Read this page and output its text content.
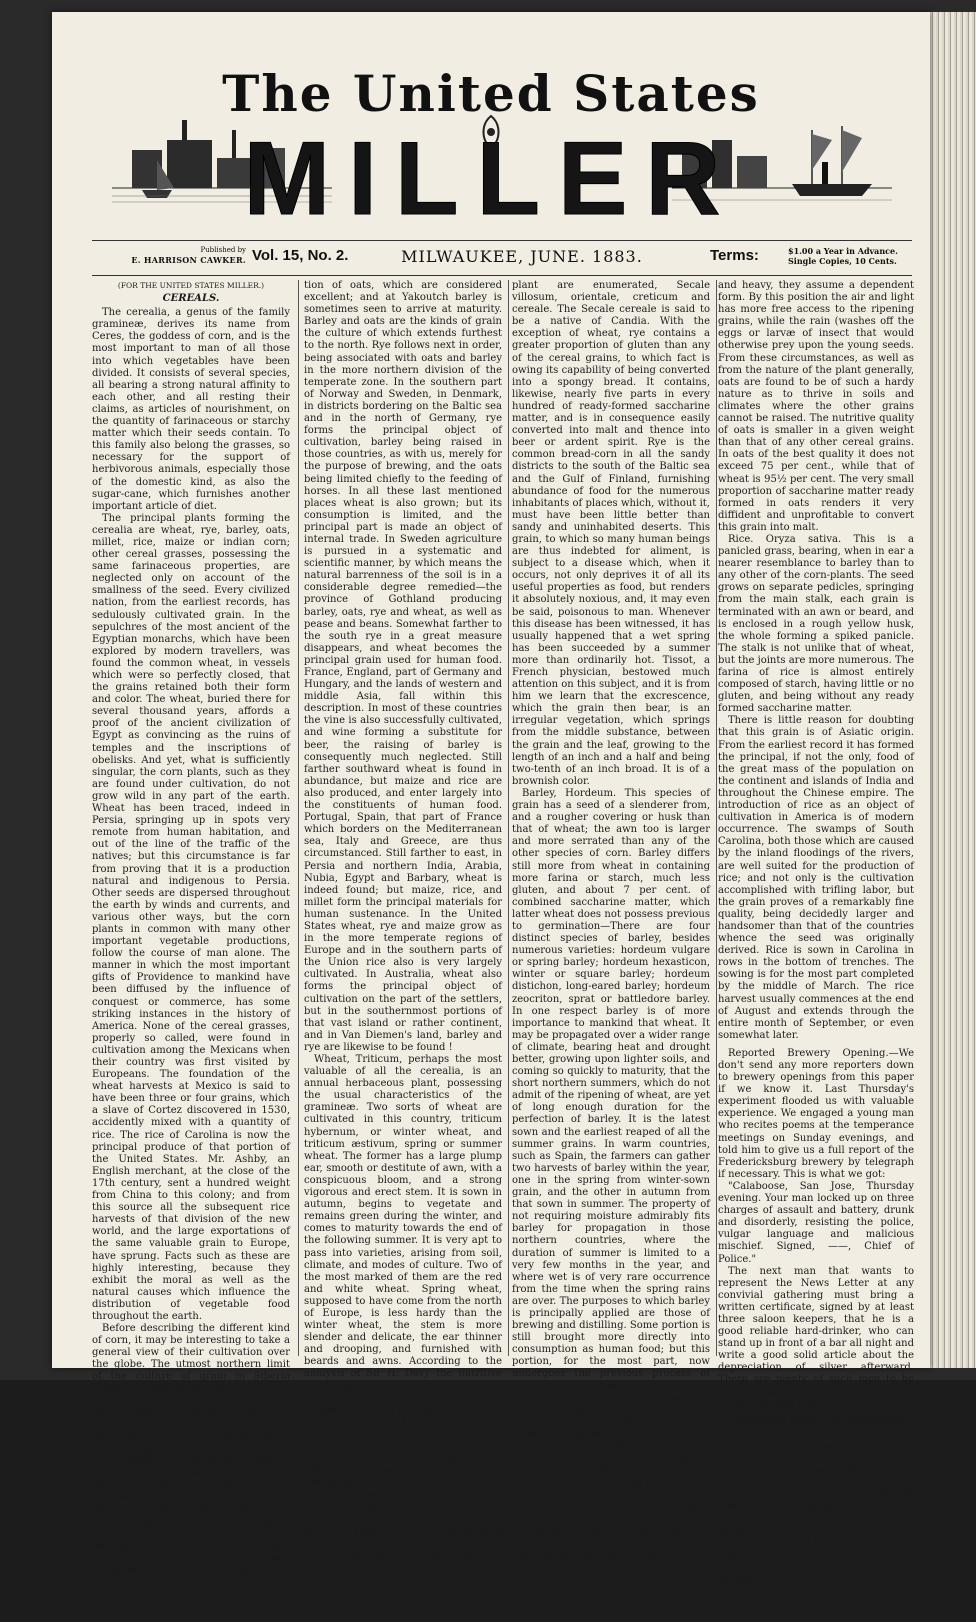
The United States
MILLER
Published by
E. HARRISON CAWKER. Vol. 15, No. 2.	MILWAUKEE, JUNE. 1883.	Terms:	$1.00 a Year in Advance.
Single Copies, 10 Cents.

(FOR THE UNITED STATES MILLER.)

CEREALS.

The cerealia, a genus of the family gramineæ, derives its name from Ceres, the goddess of corn, and is the most important to man of all those into which vegetables have been divided. It consists of several species, all bearing a strong natural affinity to each other, and all resting their claims, as articles of nourishment, on the quantity of farinaceous or starchy matter which their seeds contain. To this family also belong the grasses, so necessary for the support of herbivorous animals, especially those of the domestic kind, as also the sugar-cane, which furnishes another important article of diet.

The principal plants forming the cerealia are wheat, rye, barley, oats, millet, rice, maize or indian corn; other cereal grasses, possessing the same farinaceous properties, are neglected only on account of the smallness of the seed. Every civilized nation, from the earliest records, has sedulously cultivated grain. In the sepulchres of the most ancient of the Egyptian monarchs, which have been explored by modern travellers, was found the common wheat, in vessels which were so perfectly closed, that the grains retained both their form and color. The wheat, buried there for several thousand years, affords a proof of the ancient civilization of Egypt as convincing as the ruins of temples and the inscriptions of obelisks. And yet, what is sufficiently singular, the corn plants, such as they are found under cultivation, do not grow wild in any part of the earth. Wheat has been traced, indeed in Persia, springing up in spots very remote from human habitation, and out of the line of the traffic of the natives; but this circumstance is far from proving that it is a production natural and indigenous to Persia. Other seeds are dispersed throughout the earth by winds and currents, and various other ways, but the corn plants in common with many other important vegetable productions, follow the course of man alone. The manner in which the most important gifts of Providence to mankind have been diffused by the influence of conquest or commerce, has some striking instances in the history of America. None of the cereal grasses, properly so called, were found in cultivation among the Mexicans when their country was first visited by Europeans. The foundation of the wheat harvests at Mexico is said to have been three or four grains, which a slave of Cortez discovered in 1530, accidently mixed with a quantity of rice. The rice of Carolina is now the principal produce of that portion of the United States. Mr. Ashby, an English merchant, at the close of the 17th century, sent a hundred weight from China to this colony; and from this source all the subsequent rice harvests of that division of the new world, and the large exportations of the same valuable grain to Europe, have sprung. Facts such as these are highly interesting, because they exhibit the moral as well as the natural causes which influence the distribution of vegetable food throughout the earth.

Before describing the different kind of corn, it may be interesting to take a general view of their cultivation over the globe. The utmost northern limit of the culture of grain in Siberia reaches to 60° of latitude; and in the more eastern parts of the province these important products are scarcely to be met with higher than 55°. In the more southern parts of Siberia and in districts adjoining the Wolga, the land is exceedingly fertile, so that crops of grain are obtained with a very trifling amount of labor. Buckwheat is very commonly cultivated in this district, and it is found that one sowing of the seed will produce five or six crops in as many successive years, each harvest yielding from twelve to fifteen times the quantity first sown. Europe is indebted to Siberia for a particular descrip-

tion of oats, which are considered excellent; and at Yakoutch barley is sometimes seen to arrive at maturity. Barley and oats are the kinds of grain the culture of which extends furthest to the north. Rye follows next in order, being associated with oats and barley in the more northern division of the temperate zone. In the southern part of Norway and Sweden, in Denmark, in districts bordering on the Baltic sea and in the north of Germany, rye forms the principal object of cultivation, barley being raised in those countries, as with us, merely for the purpose of brewing, and the oats being limited chiefly to the feeding of horses. In all these last mentioned places wheat is also grown; but its consumption is limited, and the principal part is made an object of internal trade. In Sweden agriculture is pursued in a systematic and scientific manner, by which means the natural barrenness of the soil is in a considerable degree remedied—the province of Gothland producing barley, oats, rye and wheat, as well as pease and beans. Somewhat farther to the south rye in a great measure disappears, and wheat becomes the principal grain used for human food. France, England, part of Germany and Hungary, and the lands of western and middle Asia, fall within this description. In most of these countries the vine is also successfully cultivated, and wine forming a substitute for beer, the raising of barley is consequently much neglected. Still farther southward wheat is found in abundance, but maize and rice are also produced, and enter largely into the constituents of human food. Portugal, Spain, that part of France which borders on the Mediterranean sea, Italy and Greece, are thus circumstanced. Still farther to east, in Persia and northern India, Arabia, Nubia, Egypt and Barbary, wheat is indeed found; but maize, rice, and millet form the principal materials for human sustenance. In the United States wheat, rye and maize grow as in the more temperate regions of Europe and in the southern parts of the Union rice also is very largely cultivated. In Australia, wheat also forms the principal object of cultivation on the part of the settlers, but in the southernmost portions of that vast island or rather continent, and in Van Diemen's land, barley and rye are likewise to be found !

Wheat, Triticum, perhaps the most valuable of all the cerealia, is an annual herbaceous plant, possessing the usual characteristics of the gramineæ. Two sorts of wheat are cultivated in this country, triticum hybernum, or winter wheat, and triticum æstivum, spring or summer wheat. The former has a large plump ear, smooth or destitute of awn, with a conspicuous bloom, and a strong vigorous and erect stem. It is sown in autumn, begins to vegetate and remains green during the winter, and comes to maturity towards the end of the following summer. It is very apt to pass into varieties, arising from soil, climate, and modes of culture. Two of the most marked of them are the red and white wheat. Spring wheat, supposed to have come from the north of Europe, is less hardy than the winter wheat, the stem is more slender and delicate, the ear thinner and drooping, and furnished with beards and awns. According to the analysis of Sir H. Davy the nutritive quality of this kind is not quite equal to that of winter wheat, the proportions being 95½ per cent. in the latter, and only 94 per cent. in the former, of the entire bulk of the grains. The gluten contained in the two kinds varies in a greater degree, that of winter wheat being 24 while that of spring wheat is only 19, so that the winter variety is more eligible for the purpose of the baker.

Rye, Secale cereale. This grain has an appearance something intermediate between wheat and barley. The ear is bearded, and the stem tall and slender. Four species of this

plant are enumerated, Secale villosum, orientale, creticum and cereale. The Secale cereale is said to be a native of Candia. With the exception of wheat, rye contains a greater proportion of gluten than any of the cereal grains, to which fact is owing its capability of being converted into a spongy bread. It contains, likewise, nearly five parts in every hundred of ready-formed saccharine matter, and is in consequence easily converted into malt and thence into beer or ardent spirit. Rye is the common bread-corn in all the sandy districts to the south of the Baltic sea and the Gulf of Finland, furnishing abundance of food for the numerous inhabitants of places which, without it, must have been little better than sandy and uninhabited deserts. This grain, to which so many human beings are thus indebted for aliment, is subject to a disease which, when it occurs, not only deprives it of all its useful properties as food, but renders it absolutely noxious, and, it may even be said, poisonous to man. Whenever this disease has been witnessed, it has usually happened that a wet spring has been succeeded by a summer more than ordinarily hot. Tissot, a French physician, bestowed much attention on this subject, and it is from him we learn that the excrescence, which the grain then bear, is an irregular vegetation, which springs from the middle substance, between the grain and the leaf, growing to the length of an inch and a half and being two-tenth of an inch broad. It is of a brownish color.

Barley, Hordeum. This species of grain has a seed of a slenderer from, and a rougher covering or husk than that of wheat; the awn too is larger and more serrated than any of the other species of corn. Barley differs still more from wheat in containing more farina or starch, much less gluten, and about 7 per cent. of combined saccharine matter, which latter wheat does not possess previous to germination—There are four distinct species of barley, besides numerous varieties: hordeum vulgare or spring barley; hordeum hexasticon, winter or square barley; hordeum distichon, long-eared barley; hordeum zeocriton, sprat or battledore barley. In one respect barley is of more importance to mankind that wheat. It may be propagated over a wider range of climate, bearing heat and drought better, growing upon lighter soils, and coming so quickly to maturity, that the short northern summers, which do not admit of the ripening of wheat, are yet of long enough duration for the perfection of barley. It is the latest sown and the earliest reaped of all the summer grains. In warm countries, such as Spain, the farmers can gather two harvests of barley within the year, one in the spring from winter-sown grain, and the other in autumn from that sown in summer. The property of not requiring moisture admirably fits barley for propagation in those northern countries, where the duration of summer is limited to a very few months in the year, and where wet is of very rare occurrence from the time when the spring rains are over. The purposes to which barley is principally applied are those of brewing and distilling. Some portion is still brought more directly into consumption as human food; but this portion, for the most part, now undergoes the previous process of decortication (removal of the bark,) whereby it is converted into what is called pearl-barley.

Oats, Avena. This grain differs in its external appearance from wheat, barley, or rye, especially in the form of the ear. The ear is a panicle formed by the rachis, dividing into numerous branches, the large ones being at the base, while towards the top they gradually decrease, thus forming a conical or tapering figure. While the ear is yet recent the branches are erect, but as the seeds advance towards maturity, and become full

and heavy, they assume a dependent form. By this position the air and light has more free access to the ripening grains, while the rain (washes off the eggs or larvæ of insect that would otherwise prey upon the young seeds. From these circumstances, as well as from the nature of the plant generally, oats are found to be of such a hardy nature as to thrive in soils and climates where the other grains cannot be raised. The nutritive quality of oats is smaller in a given weight than that of any other cereal grains. In oats of the best quality it does not exceed 75 per cent., while that of wheat is 95½ per cent. The very small proportion of saccharine matter ready formed in oats renders it very diffident and unprofitable to convert this grain into malt.

Rice. Oryza sativa. This is a panicled grass, bearing, when in ear a nearer resemblance to barley than to any other of the corn-plants. The seed grows on separate pedicles, springing from the main stalk, each grain is terminated with an awn or beard, and is enclosed in a rough yellow husk, the whole forming a spiked panicle. The stalk is not unlike that of wheat, but the joints are more numerous. The farina of rice is almost entirely composed of starch, having little or no gluten, and being without any ready formed saccharine matter.

There is little reason for doubting that this grain is of Asiatic origin. From the earliest record it has formed the principal, if not the only, food of the great mass of the population on the continent and islands of India and throughout the Chinese empire. The introduction of rice as an object of cultivation in America is of modern occurrence. The swamps of South Carolina, both those which are caused by the inland floodings of the rivers, are well suited for the production of rice; and not only is the cultivation accomplished with trifling labor, but the grain proves of a remarkably fine quality, being decidedly larger and handsomer than that of the countries whence the seed was originally derived. Rice is sown in Carolina in rows in the bottom of trenches. The sowing is for the most part completed by the middle of March. The rice harvest usually commences at the end of August and extends through the entire month of September, or even somewhat later.

Reported Brewery Opening.—We don't send any more reporters down to brewery openings from this paper if we know it. Last Thursday's experiment flooded us with valuable experience. We engaged a young man who recites poems at the temperance meetings on Sunday evenings, and told him to give us a full report of the Fredericksburg brewery by telegraph if necessary. This is what we got:

"Calaboose, San Jose, Thursday evening. Your man locked up on three charges of assault and battery, drunk and disorderly, resisting the police, vulgar language and malicious mischief. Signed, ——, Chief of Police."

The next man that wants to represent the News Letter at any convivial gathering must bring a written certificate, signed by at least three saloon keepers, that he is a good reliable hard-drinker, who can stand up in front of a bar all night and write a good solid article about the depreciation of silver afterward. There are plenty of such men to be had, but we missed it this time.—San Francisco New Letter.

APHORISMS FROM THE QUARTERS.

(From the Century Bric-a-Brac.)

Your luck aint always ekul to de lenk o' your fishin pole.

Grass don't grow high roun' de corn-crib.

De man aint put togedder right dat don't lub his own dorg.

It takes a hones' miller to keep lean shotes.

Don't kill de old goose in sight o' de fedder-bed.

De full moon is a po' han' to keep secrets.

Old hen got 'nough l'arnin' to tell her own chillun in de dark.

J. A. Macon.
